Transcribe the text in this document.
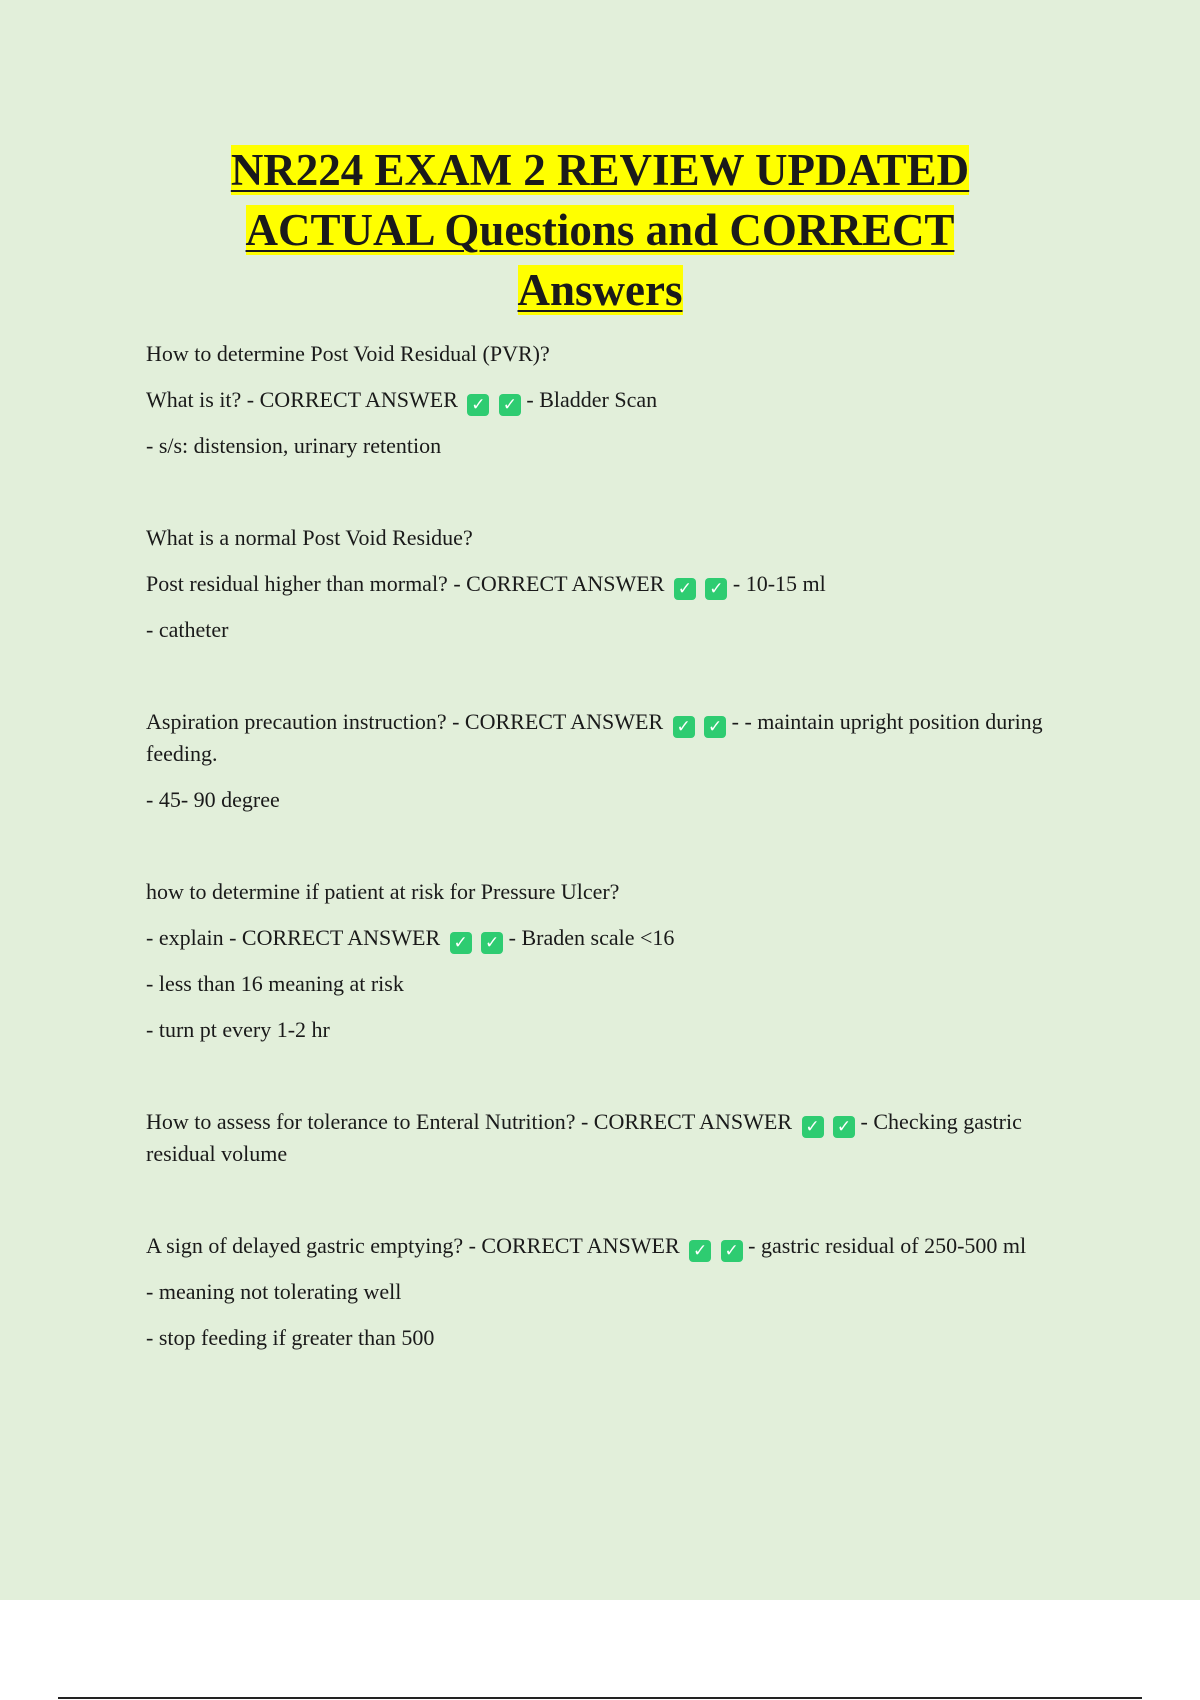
NR224 EXAM 2 REVIEW UPDATED
ACTUAL Questions and CORRECT
Answers

How to determine Post Void Residual (PVR)?

What is it? - CORRECT ANSWER ✓ ✓ - Bladder Scan

- s/s: distension, urinary retention

What is a normal Post Void Residue?

Post residual higher than mormal? - CORRECT ANSWER ✓ ✓ - 10-15 ml

- catheter

Aspiration precaution instruction? - CORRECT ANSWER ✓ ✓ - - maintain upright position during feeding.

- 45- 90 degree

how to determine if patient at risk for Pressure Ulcer?

- explain - CORRECT ANSWER ✓ ✓ - Braden scale <16

- less than 16 meaning at risk

- turn pt every 1-2 hr

How to assess for tolerance to Enteral Nutrition? - CORRECT ANSWER ✓ ✓ - Checking gastric residual volume

A sign of delayed gastric emptying? - CORRECT ANSWER ✓ ✓ - gastric residual of 250-500 ml

- meaning not tolerating well

- stop feeding if greater than 500
